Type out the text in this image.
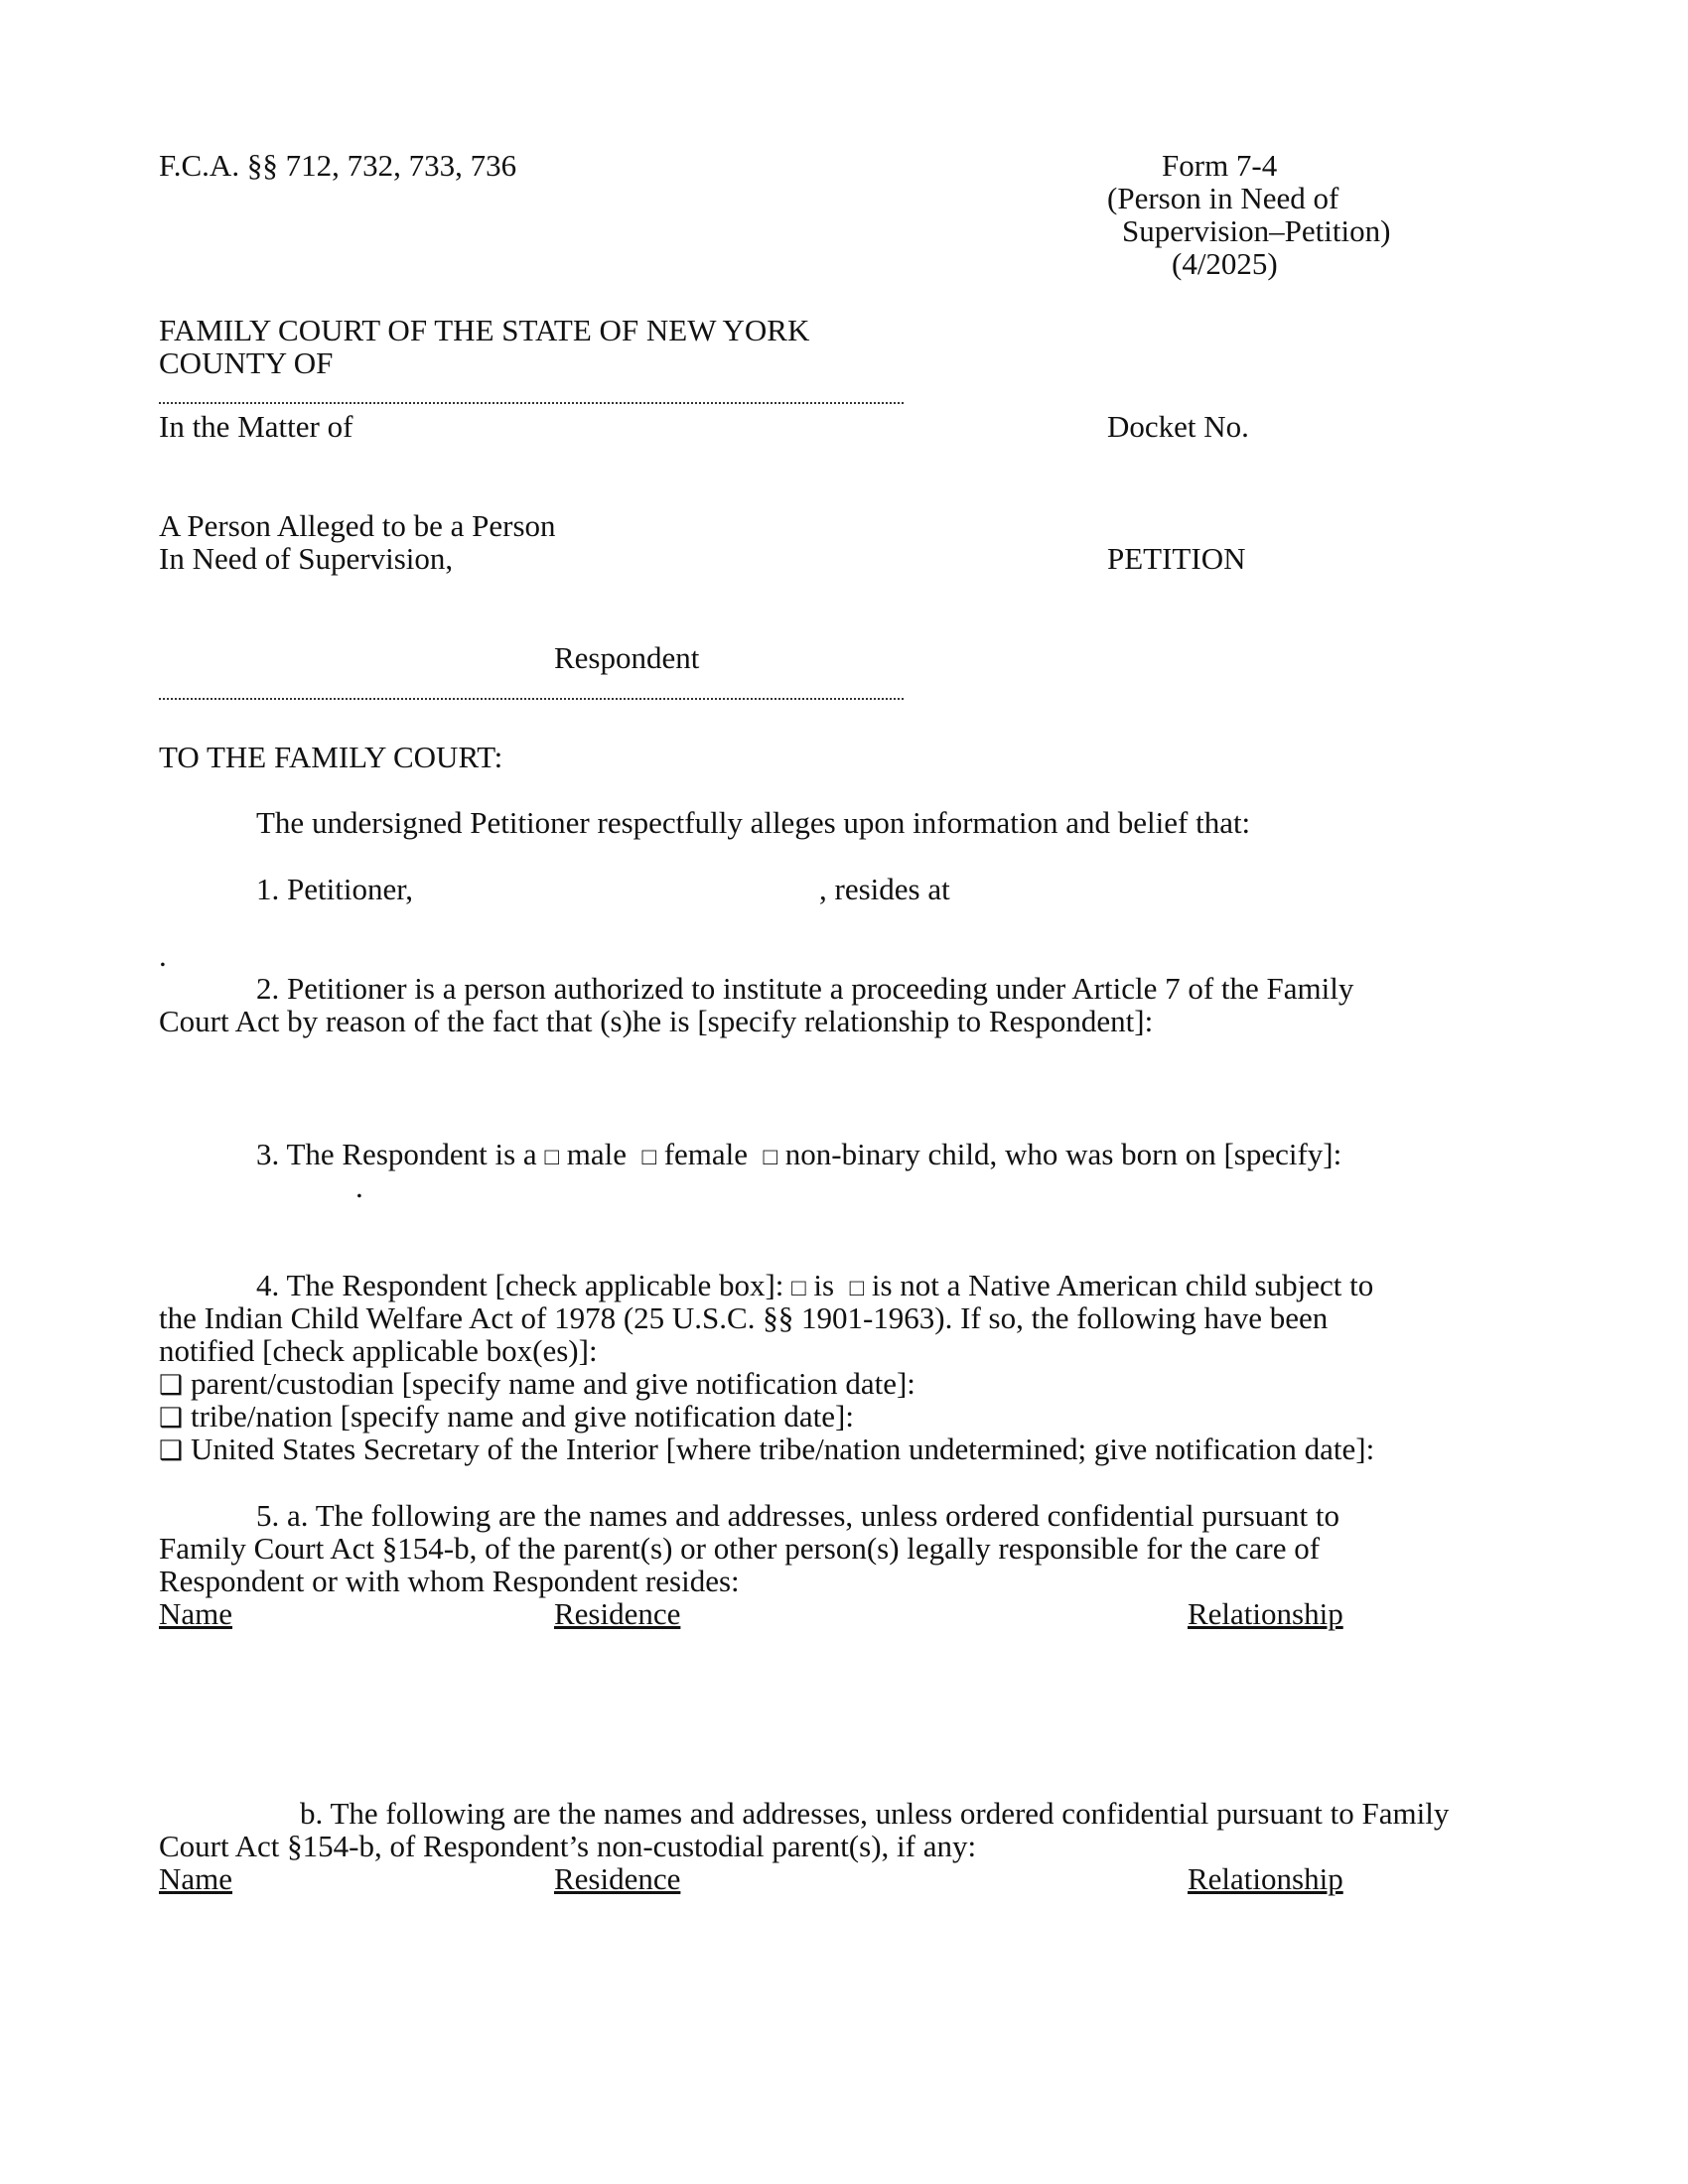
F.C.A. §§ 712, 732, 733, 736	Form 7-4
(Person in Need of
Supervision–Petition)
(4/2025)
FAMILY COURT OF THE STATE OF NEW YORK
COUNTY OF
In the Matter of	Docket No.
A Person Alleged to be a Person
In Need of Supervision,	PETITION
Respondent
TO THE FAMILY COURT:
The undersigned Petitioner respectfully alleges upon information and belief that:
1. Petitioner,	, resides at
.
2. Petitioner is a person authorized to institute a proceeding under Article 7 of the Family
Court Act by reason of the fact that (s)he is [specify relationship to Respondent]:
3. The Respondent is a □ male □ female □ non-binary child, who was born on [specify]:
.
4. The Respondent [check applicable box]: □ is □ is not a Native American child subject to
the Indian Child Welfare Act of 1978 (25 U.S.C. §§ 1901-1963). If so, the following have been
notified [check applicable box(es)]:
❑ parent/custodian [specify name and give notification date]:
❑ tribe/nation [specify name and give notification date]:
❑ United States Secretary of the Interior [where tribe/nation undetermined; give notification date]:
5. a. The following are the names and addresses, unless ordered confidential pursuant to
Family Court Act §154-b, of the parent(s) or other person(s) legally responsible for the care of
Respondent or with whom Respondent resides:
Name	Residence	Relationship
b. The following are the names and addresses, unless ordered confidential pursuant to Family
Court Act §154-b, of Respondent’s non-custodial parent(s), if any:
Name	Residence	Relationship
